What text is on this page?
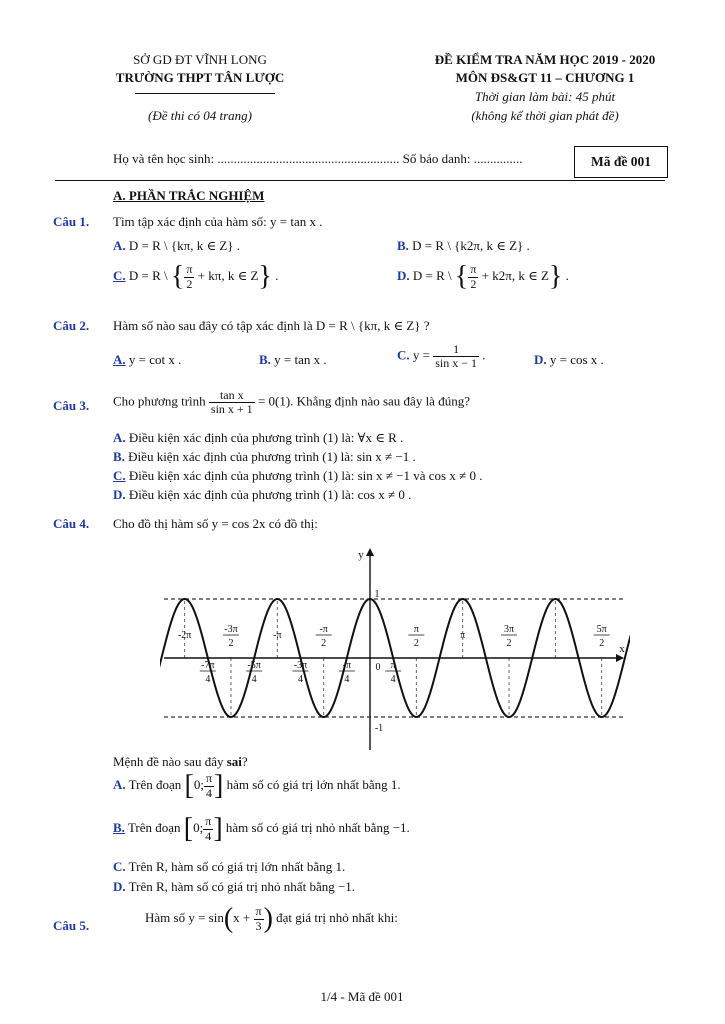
SỞ GD ĐT VĨNH LONG
TRƯỜNG THPT TÂN LƯỢC
(Đề thi có 04 trang)
ĐỀ KIỂM TRA NĂM HỌC 2019 - 2020
MÔN ĐS&GT 11 – CHƯƠNG 1
Thời gian làm bài: 45 phút
(không kể thời gian phát đề)
Họ và tên học sinh: ........................................................ Số báo danh: ...............	Mã đề 001
A. PHẦN TRẮC NGHIỆM
Câu 1. Tìm tập xác định của hàm số: y = tan x .
A. D = R \ {kπ, k ∈ Z} .	B. D = R \ {k2π, k ∈ Z} .
C. D = R \ { $\frac{\pi}{2} + k\pi$, k ∈ Z} .	D. D = R \ { $\frac{\pi}{2} + k2\pi$, k ∈ Z} .
Câu 2. Hàm số nào sau đây có tập xác định là D = R \ {kπ, k ∈ Z} ?
A. y = cot x .	B. y = tan x .	C. $y = \frac{1}{\text{sin x − 1}}$ .	D. y = cos x .
Câu 3. Cho phương trình $\frac{\text{tan x}}{\text{sin x + 1}} = 0(1)$. Khẳng định nào sau đây là đúng?
A. Điều kiện xác định của phương trình (1) là: ∀x ∈ R .
B. Điều kiện xác định của phương trình (1) là: sin x ≠ −1 .
C. Điều kiện xác định của phương trình (1) là: sin x ≠ −1 và cos x ≠ 0 .
D. Điều kiện xác định của phương trình (1) là: cos x ≠ 0 .
Câu 4. Cho đồ thị hàm số y = cos 2x có đồ thị:
-2π
-3π
2
-π
-π
2
π
2
π
3π
2
5π
2
-7π
4
-5π
4
-3π
4
-π
4
π
4
0
1
-1
y
x
Mệnh đề nào sau đây sai?
A. Trên đoạn [0; $\frac{\pi}{4}$ ] hàm số có giá trị lớn nhất bằng 1.
B. Trên đoạn [0; $\frac{\pi}{4}$ ] hàm số có giá trị nhỏ nhất bằng −1.
C. Trên R, hàm số có giá trị lớn nhất bằng 1.
D. Trên R, hàm số có giá trị nhỏ nhất bằng −1.
Câu 5.
Hàm số $y = \sin(x + \frac{\pi}{3}$ ) đạt giá trị nhỏ nhất khi:
1/4 - Mã đề 001
